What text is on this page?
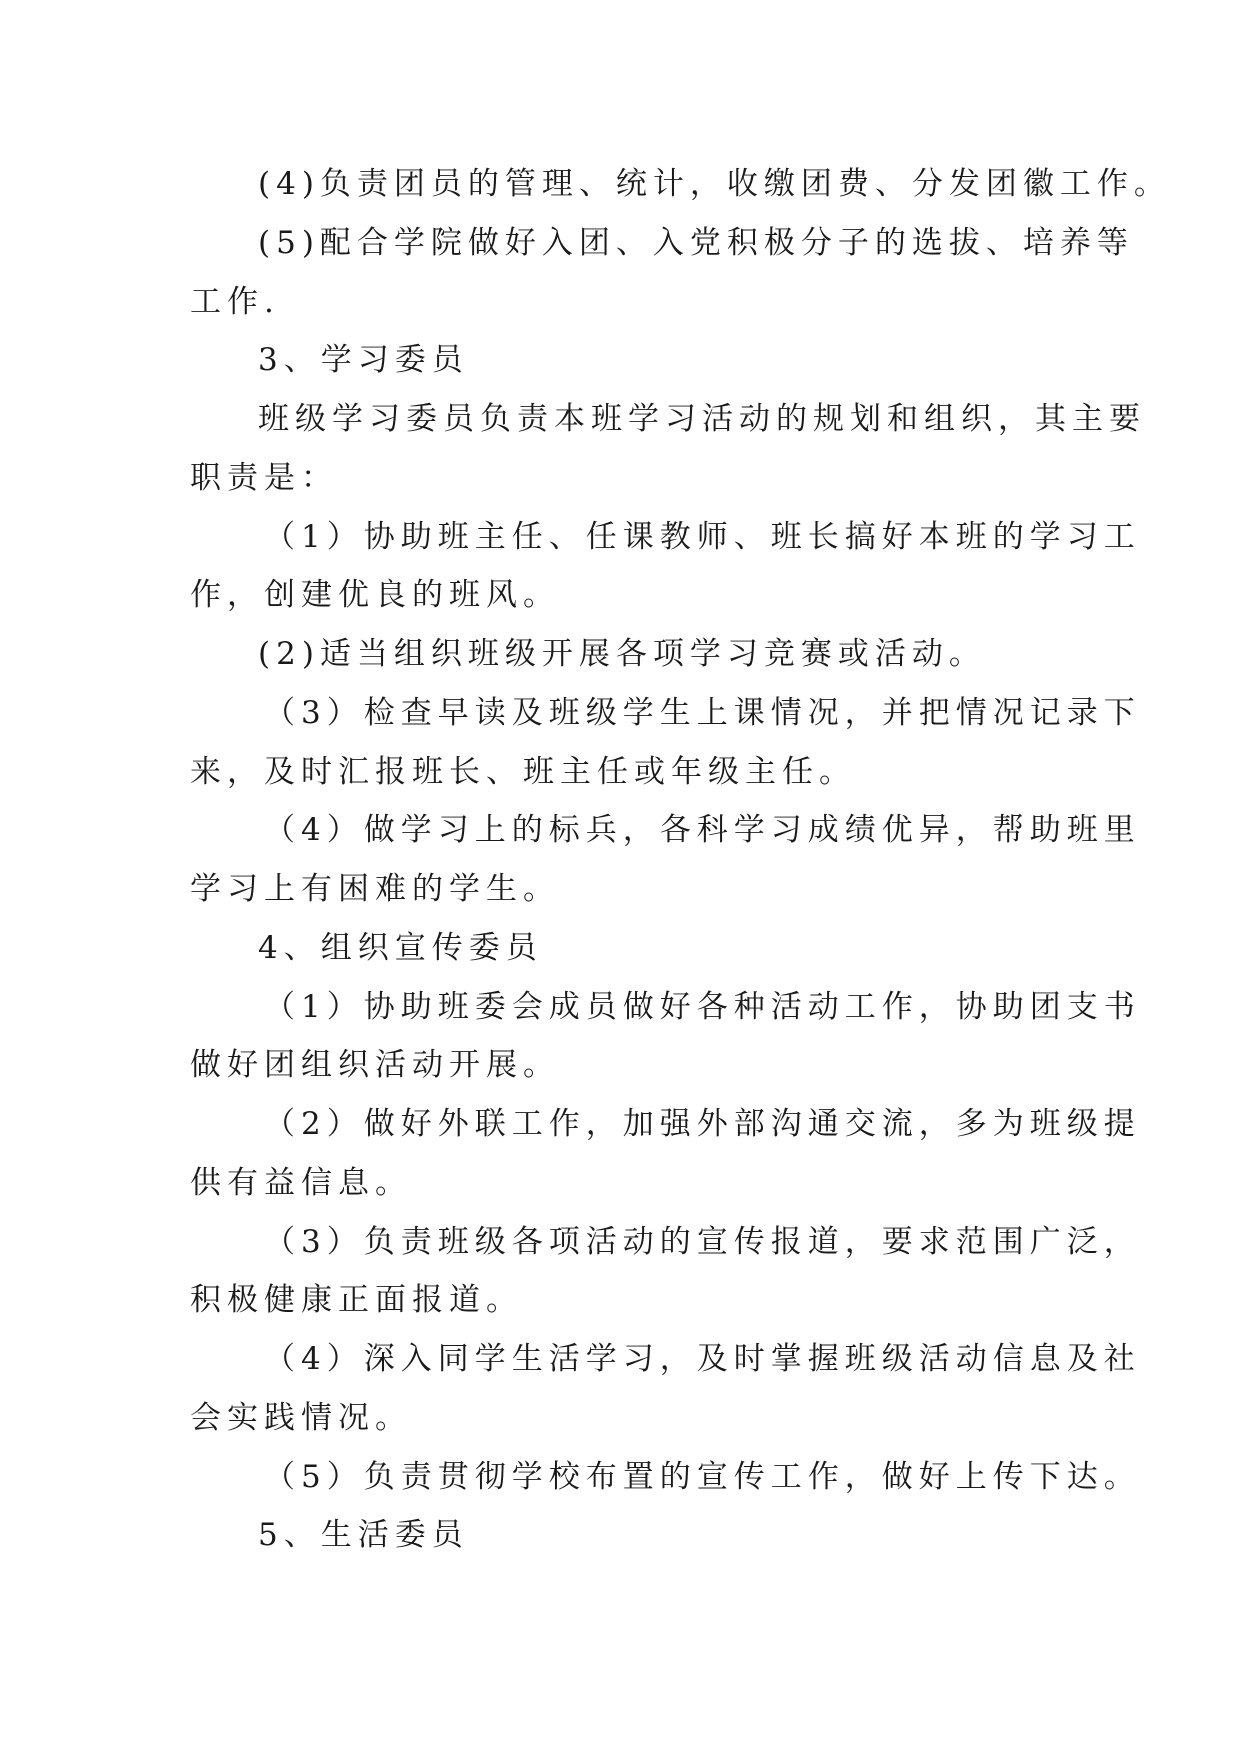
(4)负责团员的管理、统计，收缴团费、分发团徽工作。
(5)配合学院做好入团、入党积极分子的选拔、培养等
工作.
3、学习委员
班级学习委员负责本班学习活动的规划和组织，其主要
职责是：
（1）协助班主任、任课教师、班长搞好本班的学习工
作，创建优良的班风。
(2)适当组织班级开展各项学习竞赛或活动。
（3）检查早读及班级学生上课情况，并把情况记录下
来，及时汇报班长、班主任或年级主任。
（4）做学习上的标兵，各科学习成绩优异，帮助班里
学习上有困难的学生。
4、组织宣传委员
（1）协助班委会成员做好各种活动工作，协助团支书
做好团组织活动开展。
（2）做好外联工作，加强外部沟通交流，多为班级提
供有益信息。
（3）负责班级各项活动的宣传报道，要求范围广泛，
积极健康正面报道。
（4）深入同学生活学习，及时掌握班级活动信息及社
会实践情况。
（5）负责贯彻学校布置的宣传工作，做好上传下达。
5、生活委员
